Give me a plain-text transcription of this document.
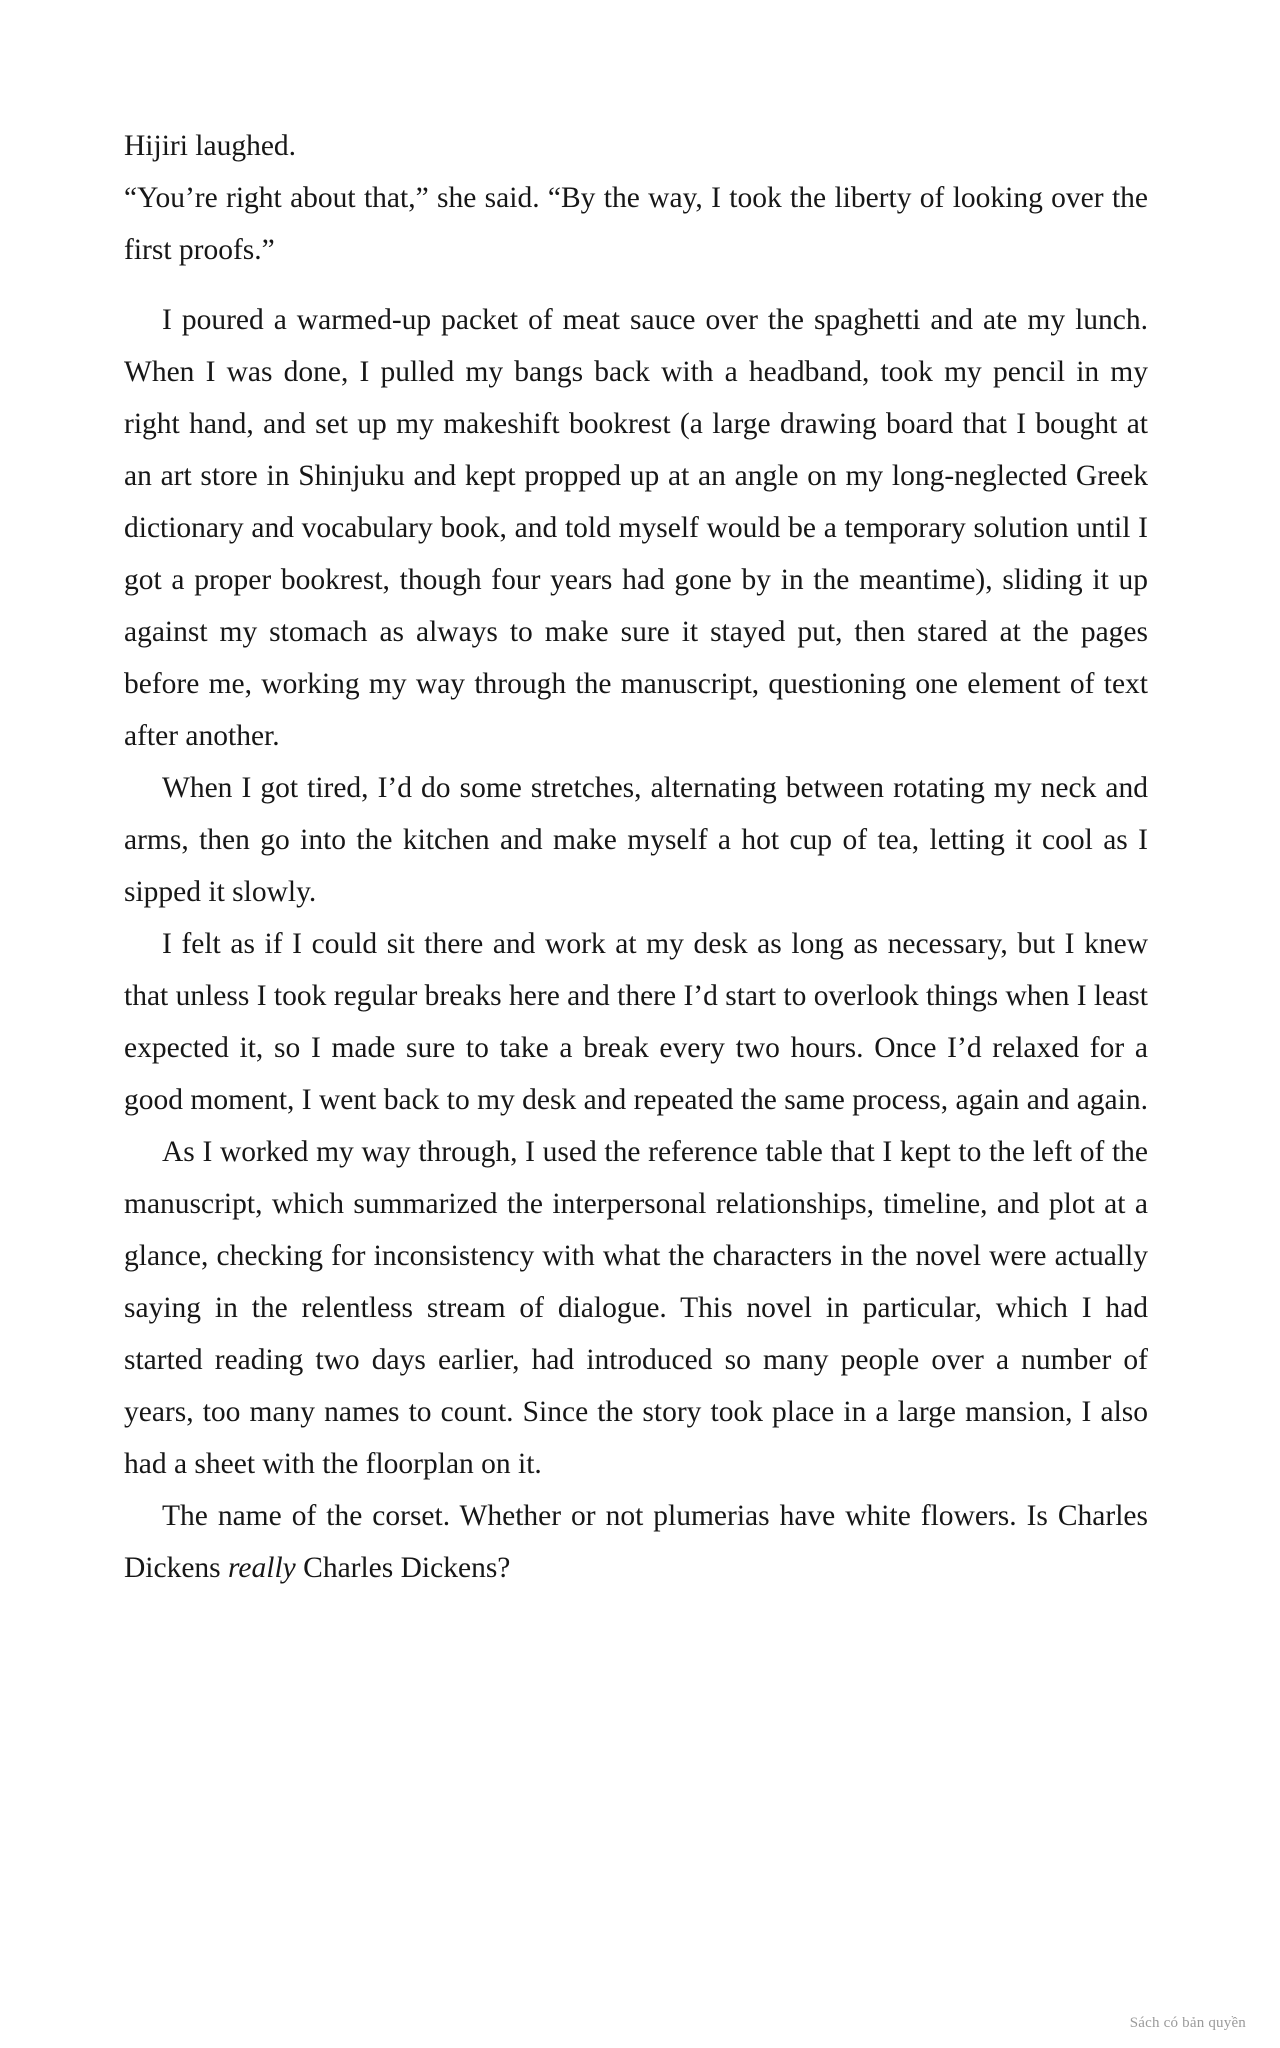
Hijiri laughed.

“You’re right about that,” she said. “By the way, I took the liberty of looking over the first proofs.”

I poured a warmed-up packet of meat sauce over the spaghetti and ate my lunch. When I was done, I pulled my bangs back with a headband, took my pencil in my right hand, and set up my makeshift bookrest (a large drawing board that I bought at an art store in Shinjuku and kept propped up at an angle on my long-neglected Greek dictionary and vocabulary book, and told myself would be a temporary solution until I got a proper bookrest, though four years had gone by in the meantime), sliding it up against my stomach as always to make sure it stayed put, then stared at the pages before me, working my way through the manuscript, questioning one element of text after another.

When I got tired, I’d do some stretches, alternating between rotating my neck and arms, then go into the kitchen and make myself a hot cup of tea, letting it cool as I sipped it slowly.

I felt as if I could sit there and work at my desk as long as necessary, but I knew that unless I took regular breaks here and there I’d start to overlook things when I least expected it, so I made sure to take a break every two hours. Once I’d relaxed for a good moment, I went back to my desk and repeated the same process, again and again.

As I worked my way through, I used the reference table that I kept to the left of the manuscript, which summarized the interpersonal relationships, timeline, and plot at a glance, checking for inconsistency with what the characters in the novel were actually saying in the relentless stream of dialogue. This novel in particular, which I had started reading two days earlier, had introduced so many people over a number of years, too many names to count. Since the story took place in a large mansion, I also had a sheet with the floorplan on it.

The name of the corset. Whether or not plumerias have white flowers. Is Charles Dickens really Charles Dickens?

Sách có bản quyền
